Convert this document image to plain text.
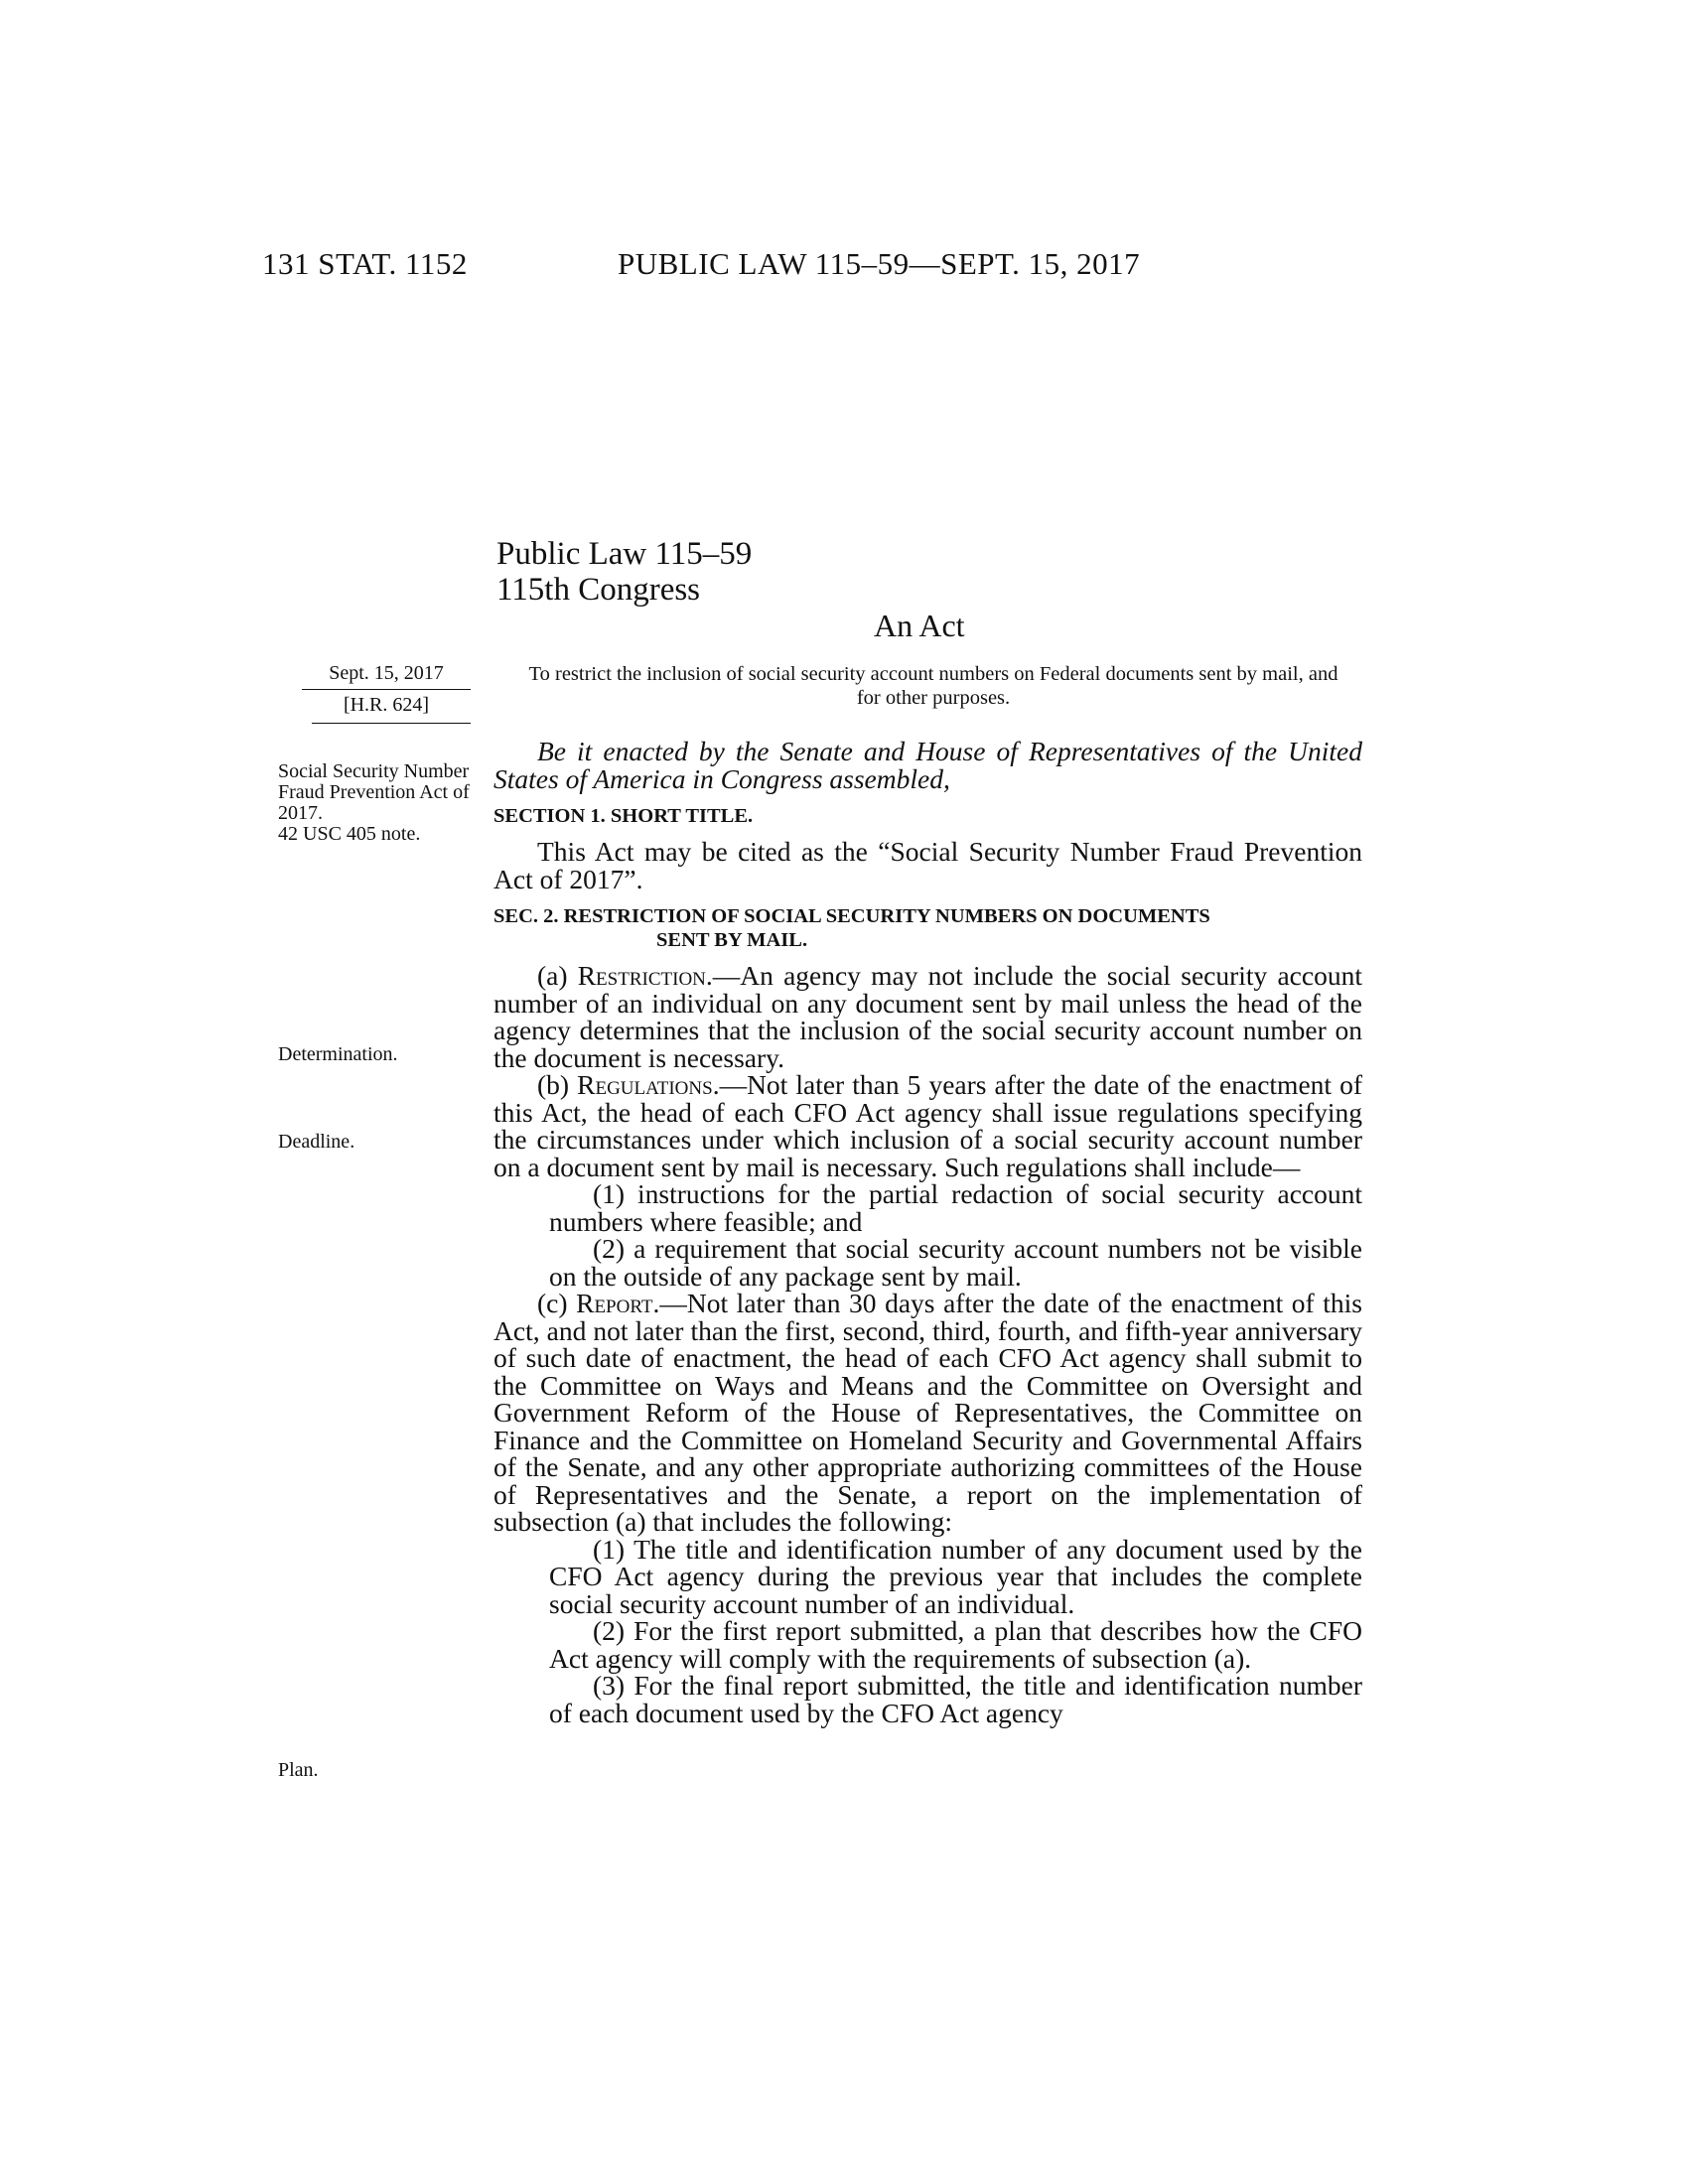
131 STAT. 1152	PUBLIC LAW 115–59—SEPT. 15, 2017
Public Law 115–59
115th Congress
An Act
Sept. 15, 2017
[H.R. 624]
Social Security Number Fraud Prevention Act of 2017.
42 USC 405 note.
Determination.
Deadline.
Plan.
To restrict the inclusion of social security account numbers on Federal documents sent by mail, and for other purposes.

Be it enacted by the Senate and House of Representatives of the United States of America in Congress assembled,

SECTION 1. SHORT TITLE.

This Act may be cited as the “Social Security Number Fraud Prevention Act of 2017”.

SEC. 2. RESTRICTION OF SOCIAL SECURITY NUMBERS ON DOCUMENTS
SENT BY MAIL.

(a) Restriction.—An agency may not include the social security account number of an individual on any document sent by mail unless the head of the agency determines that the inclusion of the social security account number on the document is necessary.

(b) Regulations.—Not later than 5 years after the date of the enactment of this Act, the head of each CFO Act agency shall issue regulations specifying the circumstances under which inclusion of a social security account number on a document sent by mail is necessary. Such regulations shall include—

(1) instructions for the partial redaction of social security account numbers where feasible; and

(2) a requirement that social security account numbers not be visible on the outside of any package sent by mail.

(c) Report.—Not later than 30 days after the date of the enactment of this Act, and not later than the first, second, third, fourth, and fifth-year anniversary of such date of enactment, the head of each CFO Act agency shall submit to the Committee on Ways and Means and the Committee on Oversight and Government Reform of the House of Representatives, the Committee on Finance and the Committee on Homeland Security and Governmental Affairs of the Senate, and any other appropriate authorizing committees of the House of Representatives and the Senate, a report on the implementation of subsection (a) that includes the following:

(1) The title and identification number of any document used by the CFO Act agency during the previous year that includes the complete social security account number of an individual.

(2) For the first report submitted, a plan that describes how the CFO Act agency will comply with the requirements of subsection (a).

(3) For the final report submitted, the title and identification number of each document used by the CFO Act agency
